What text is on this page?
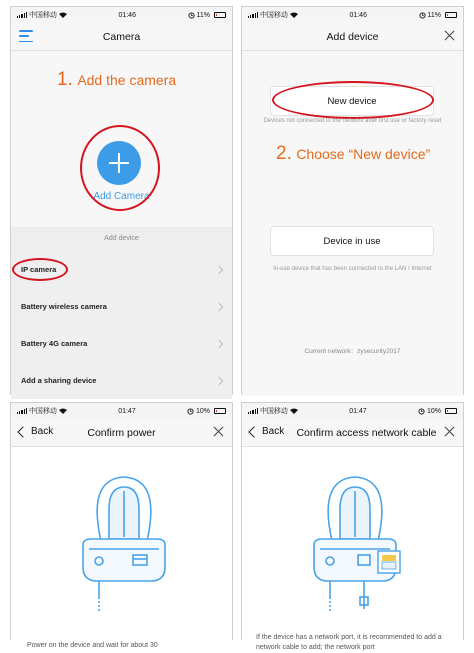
中国移动	01:46	11%
Camera
1. Add the camera
Add Camera
Add device
IP camera
Battery wireless camera
Battery 4G camera
Add a sharing device
中国移动	01:46	11%
Add device
New device
Devices not connected to the network after first use or factory reset
2. Choose “New device”
Device in use
In-use device that has been connected to the LAN / Internet
Current network：zysecurity2017
中国移动	01:47	10%
Back	Confirm power
Power on the device and wait for about 30
中国移动	01:47	10%
Back Confirm access network cable
If the device has a network port, it is recommended to add a network cable to add; the network port
